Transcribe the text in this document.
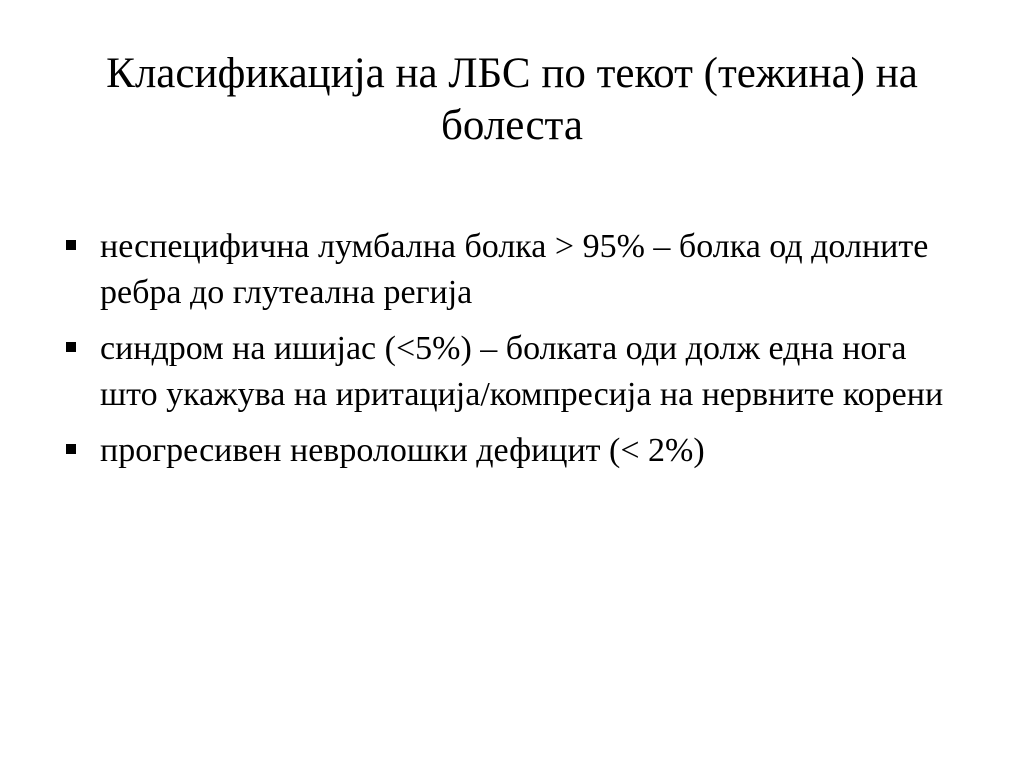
Класификација на ЛБС по текот (тежина) на болеста
неспецифична лумбална болка > 95% – болка од долните ребра до глутеална регија
синдром на ишијас (<5%) – болката оди долж една нога што укажува на иритација/компресија на нервните корени
прогресивен невролошки дефицит (< 2%)
